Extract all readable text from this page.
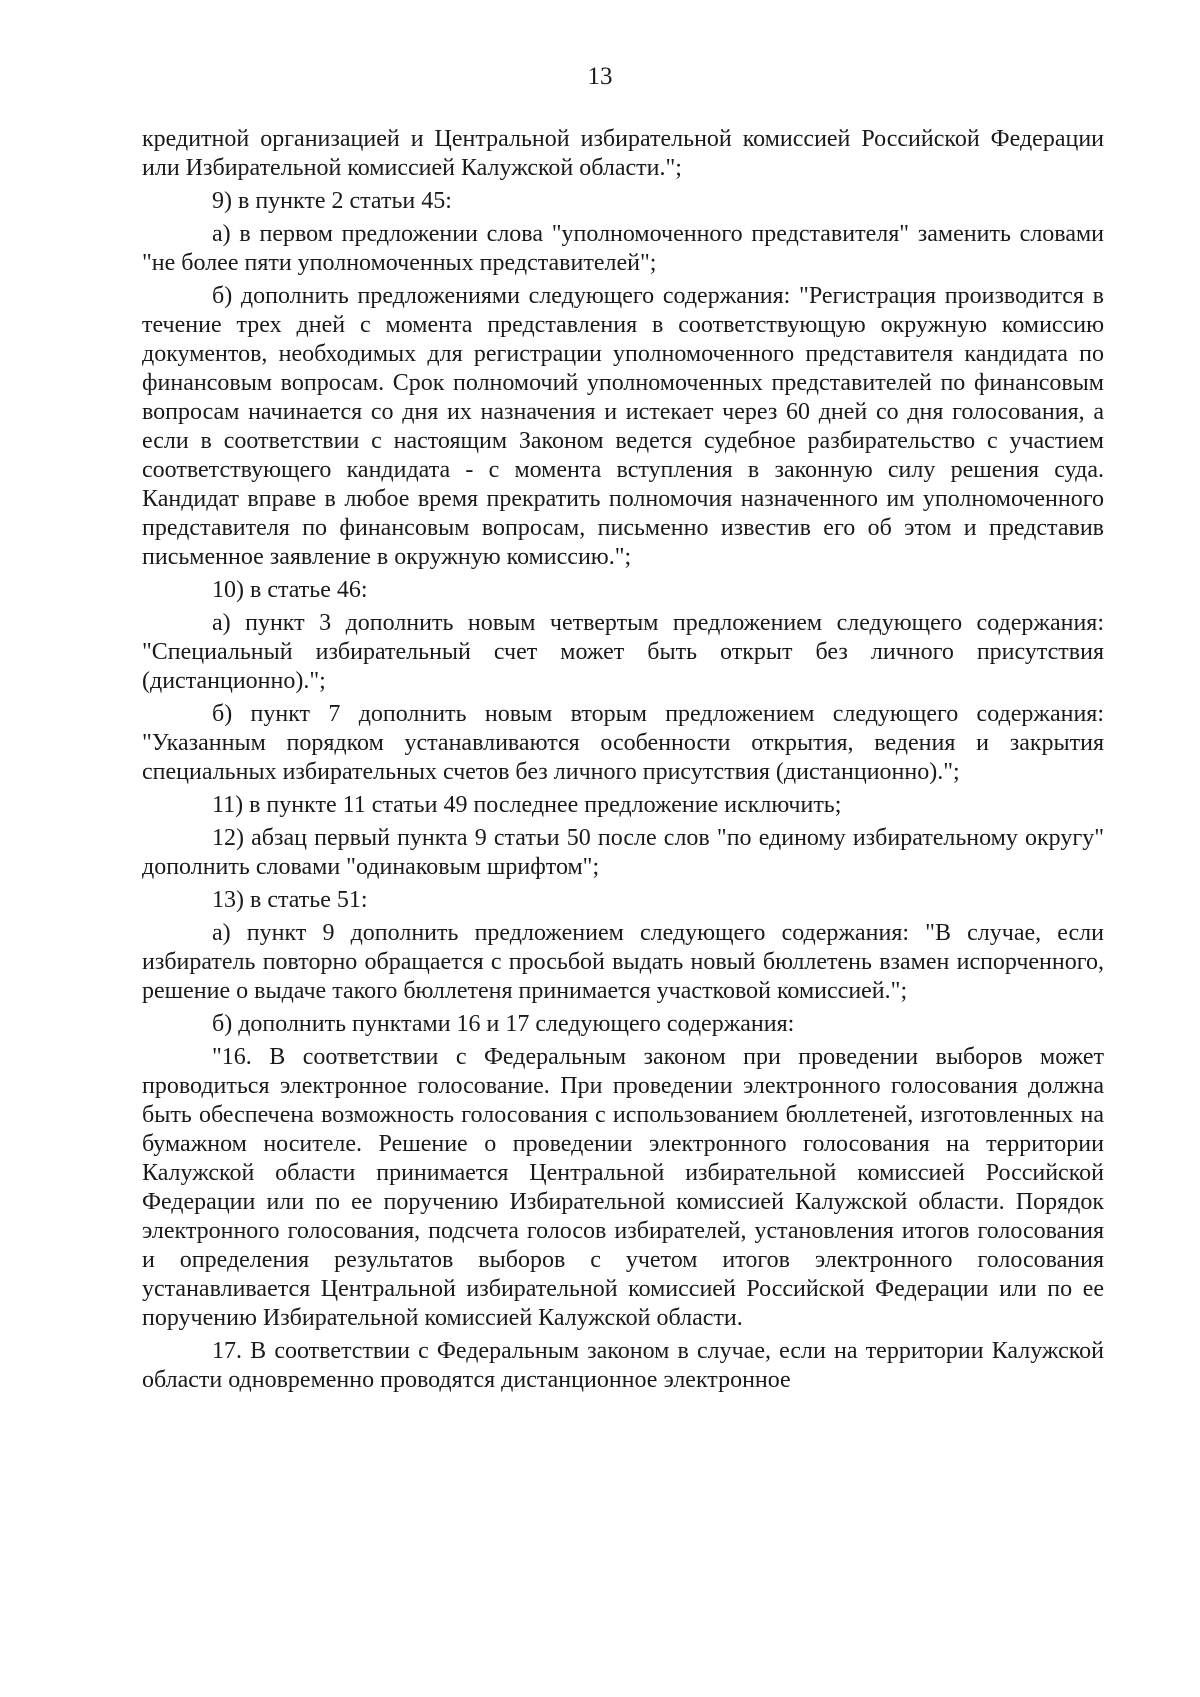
13

кредитной организацией и Центральной избирательной комиссией Российской Федерации или Избирательной комиссией Калужской области.";

9) в пункте 2 статьи 45:

а) в первом предложении слова "уполномоченного представителя" заменить словами "не более пяти уполномоченных представителей";

б) дополнить предложениями следующего содержания: "Регистрация производится в течение трех дней с момента представления в соответствующую окружную комиссию документов, необходимых для регистрации уполномоченного представителя кандидата по финансовым вопросам. Срок полномочий уполномоченных представителей по финансовым вопросам начинается со дня их назначения и истекает через 60 дней со дня голосования, а если в соответствии с настоящим Законом ведется судебное разбирательство с участием соответствующего кандидата - с момента вступления в законную силу решения суда. Кандидат вправе в любое время прекратить полномочия назначенного им уполномоченного представителя по финансовым вопросам, письменно известив его об этом и представив письменное заявление в окружную комиссию.";

10) в статье 46:

а) пункт 3 дополнить новым четвертым предложением следующего содержания: "Специальный избирательный счет может быть открыт без личного присутствия (дистанционно).";

б) пункт 7 дополнить новым вторым предложением следующего содержания: "Указанным порядком устанавливаются особенности открытия, ведения и закрытия специальных избирательных счетов без личного присутствия (дистанционно).";

11) в пункте 11 статьи 49 последнее предложение исключить;

12) абзац первый пункта 9 статьи 50 после слов "по единому избирательному округу" дополнить словами "одинаковым шрифтом";

13) в статье 51:

а) пункт 9 дополнить предложением следующего содержания: "В случае, если избиратель повторно обращается с просьбой выдать новый бюллетень взамен испорченного, решение о выдаче такого бюллетеня принимается участковой комиссией.";

б) дополнить пунктами 16 и 17 следующего содержания:

"16. В соответствии с Федеральным законом при проведении выборов может проводиться электронное голосование. При проведении электронного голосования должна быть обеспечена возможность голосования с использованием бюллетеней, изготовленных на бумажном носителе. Решение о проведении электронного голосования на территории Калужской области принимается Центральной избирательной комиссией Российской Федерации или по ее поручению Избирательной комиссией Калужской области. Порядок электронного голосования, подсчета голосов избирателей, установления итогов голосования и определения результатов выборов с учетом итогов электронного голосования устанавливается Центральной избирательной комиссией Российской Федерации или по ее поручению Избирательной комиссией Калужской области.

17. В соответствии с Федеральным законом в случае, если на территории Калужской области одновременно проводятся дистанционное электронное
